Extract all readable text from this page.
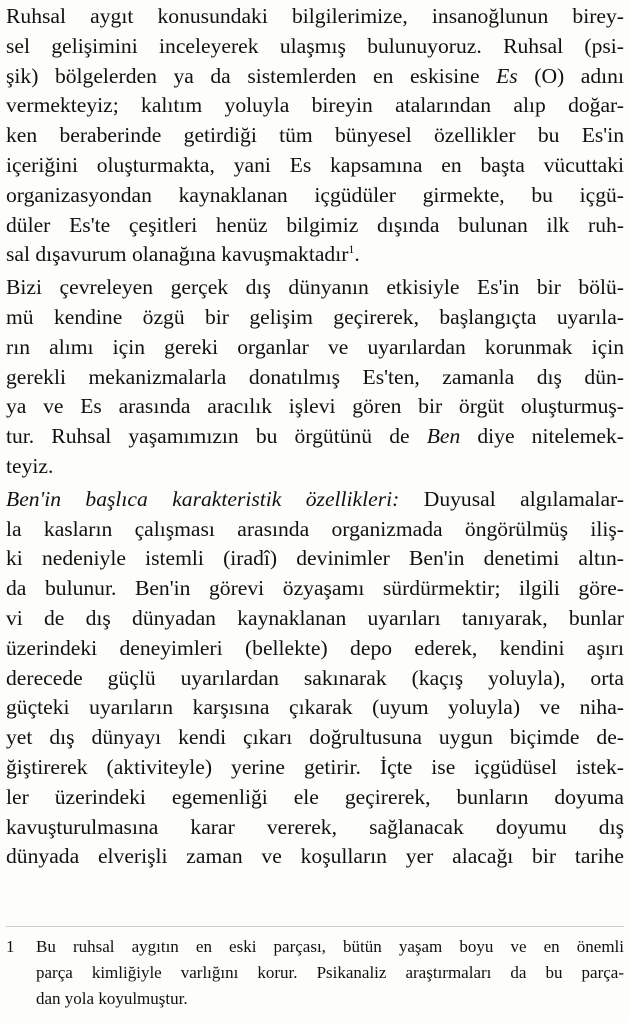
Ruhsal aygıt konusundaki bilgilerimize, insanoğlunun birey-
sel gelişimini inceleyerek ulaşmış bulunuyoruz. Ruhsal (psi-
şik) bölgelerden ya da sistemlerden en eskisine Es (O) adını
vermekteyiz; kalıtım yoluyla bireyin atalarından alıp doğar-
ken beraberinde getirdiği tüm bünyesel özellikler bu Es'in
içeriğini oluşturmakta, yani Es kapsamına en başta vücuttaki
organizasyondan kaynaklanan içgüdüler girmekte, bu içgü-
düler Es'te çeşitleri henüz bilgimiz dışında bulunan ilk ruh-
sal dışavurum olanağına kavuşmaktadır$^1$.

Bizi çevreleyen gerçek dış dünyanın etkisiyle Es'in bir bölü-
mü kendine özgü bir gelişim geçirerek, başlangıçta uyarıla-
rın alımı için gereki organlar ve uyarılardan korunmak için
gerekli mekanizmalarla donatılmış Es'ten, zamanla dış dün-
ya ve Es arasında aracılık işlevi gören bir örgüt oluşturmuş-
tur. Ruhsal yaşamımızın bu örgütünü de Ben diye nitelemek-
teyiz.

Ben'in başlıca karakteristik özellikleri: Duyusal algılamalar-
la kasların çalışması arasında organizmada öngörülmüş iliş-
ki nedeniyle istemli (iradî) devinimler Ben'in denetimi altın-
da bulunur. Ben'in görevi özyaşamı sürdürmektir; ilgili göre-
vi de dış dünyadan kaynaklanan uyarıları tanıyarak, bunlar
üzerindeki deneyimleri (bellekte) depo ederek, kendini aşırı
derecede güçlü uyarılardan sakınarak (kaçış yoluyla), orta
güçteki uyarıların karşısına çıkarak (uyum yoluyla) ve niha-
yet dış dünyayı kendi çıkarı doğrultusuna uygun biçimde de-
ğiştirerek (aktiviteyle) yerine getirir. İçte ise içgüdüsel istek-
ler üzerindeki egemenliği ele geçirerek, bunların doyuma
kavuşturulmasına karar vererek, sağlanacak doyumu dış
dünyada elverişli zaman ve koşulların yer alacağı bir tarihe

1 Bu ruhsal aygıtın en eski parçası, bütün yaşam boyu ve en önemli
parça kimliğiyle varlığını korur. Psikanaliz araştırmaları da bu parça-
dan yola koyulmuştur.
